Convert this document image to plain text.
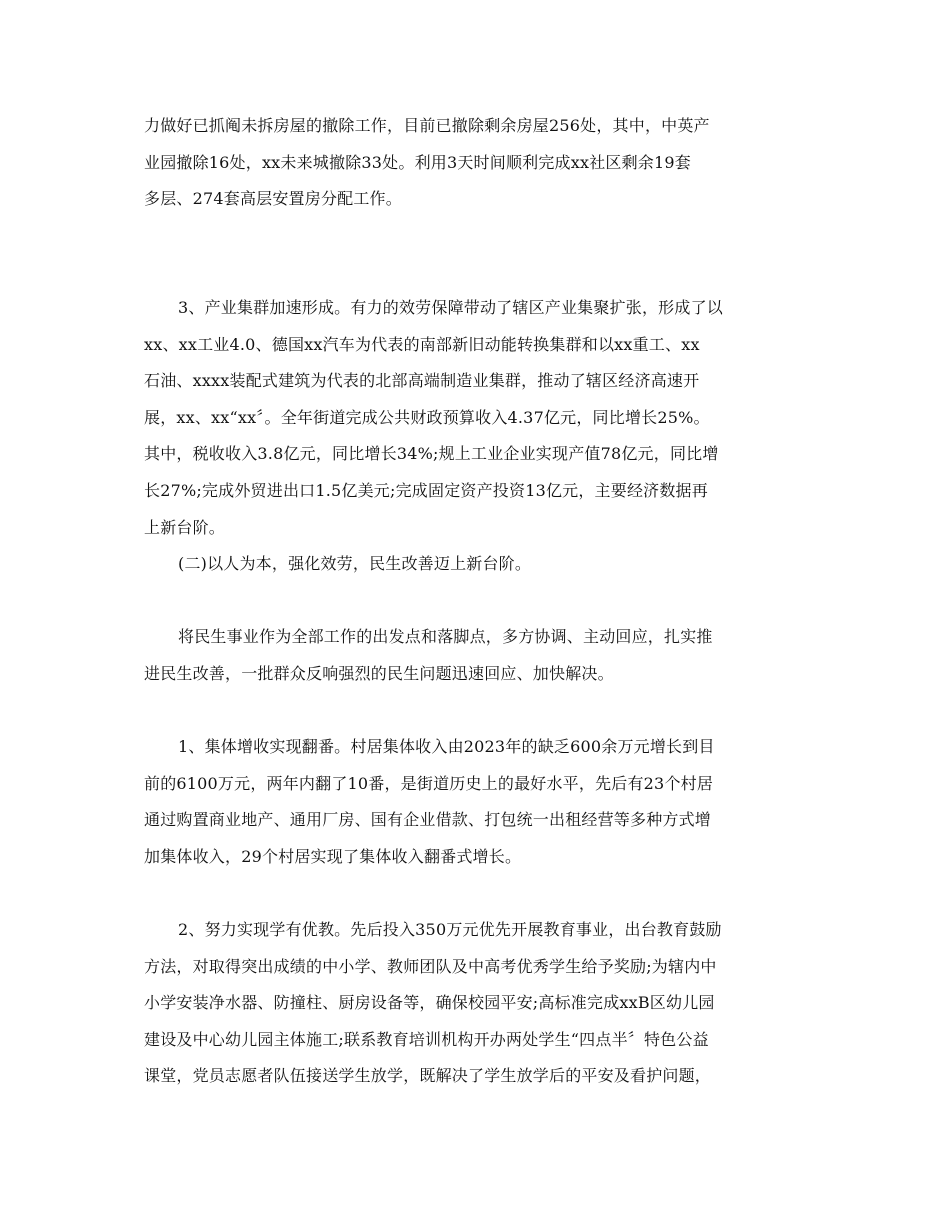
力做好已抓阄未拆房屋的撤除工作，目前已撤除剩余房屋256处，其中，中英产
业园撤除16处，xx未来城撤除33处。利用3天时间顺利完成xx社区剩余19套
多层、274套高层安置房分配工作。

3、产业集群加速形成。有力的效劳保障带动了辖区产业集聚扩张，形成了以
xx、xx工业4.0、德国xx汽车为代表的南部新旧动能转换集群和以xx重工、xx
石油、xxxx装配式建筑为代表的北部高端制造业集群，推动了辖区经济高速开
展，xx、xx“xx〞。全年街道完成公共财政预算收入4.37亿元，同比增长25%。
其中，税收收入3.8亿元，同比增长34%;规上工业企业实现产值78亿元，同比增
长27%;完成外贸进出口1.5亿美元;完成固定资产投资13亿元，主要经济数据再
上新台阶。

(二)以人为本，强化效劳，民生改善迈上新台阶。

将民生事业作为全部工作的出发点和落脚点，多方协调、主动回应，扎实推
进民生改善，一批群众反响强烈的民生问题迅速回应、加快解决。

1、集体增收实现翻番。村居集体收入由2023年的缺乏600余万元增长到目
前的6100万元，两年内翻了10番，是街道历史上的最好水平，先后有23个村居
通过购置商业地产、通用厂房、国有企业借款、打包统一出租经营等多种方式增
加集体收入，29个村居实现了集体收入翻番式增长。

2、努力实现学有优教。先后投入350万元优先开展教育事业，出台教育鼓励
方法，对取得突出成绩的中小学、教师团队及中高考优秀学生给予奖励;为辖内中
小学安装净水器、防撞柱、厨房设备等，确保校园平安;高标准完成xxB区幼儿园
建设及中心幼儿园主体施工;联系教育培训机构开办两处学生“四点半〞特色公益
课堂，党员志愿者队伍接送学生放学，既解决了学生放学后的平安及看护问题，
